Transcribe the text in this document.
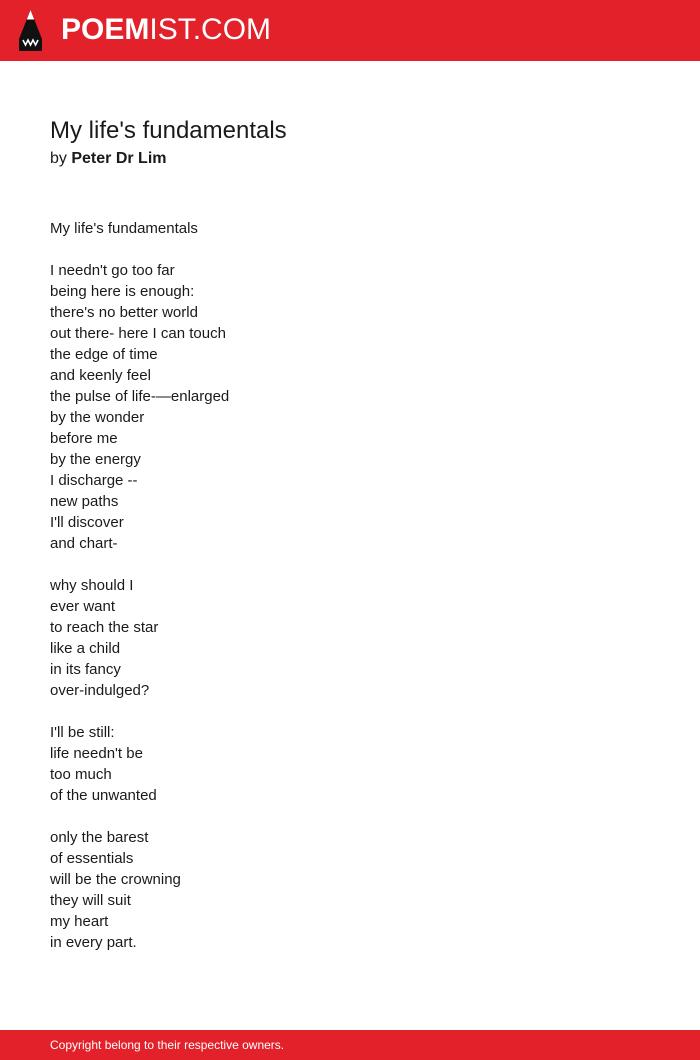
POEMIST.COM
My life's fundamentals
by Peter Dr Lim
My life's fundamentals
I needn't go too far
being here is enough:
there's no better world
out there- here I can touch
the edge of time
and keenly feel
the pulse of life-—enlarged
by the wonder
before me
by the energy
I discharge --
new paths
I'll discover
and chart-
why should I
ever want
to reach the star
like a child
in its fancy
over-indulged?
I'll be still:
life needn't be
too much
of the unwanted
only the barest
of essentials
will be the crowning
they will suit
my heart
in every part.
Copyright belong to their respective owners.
